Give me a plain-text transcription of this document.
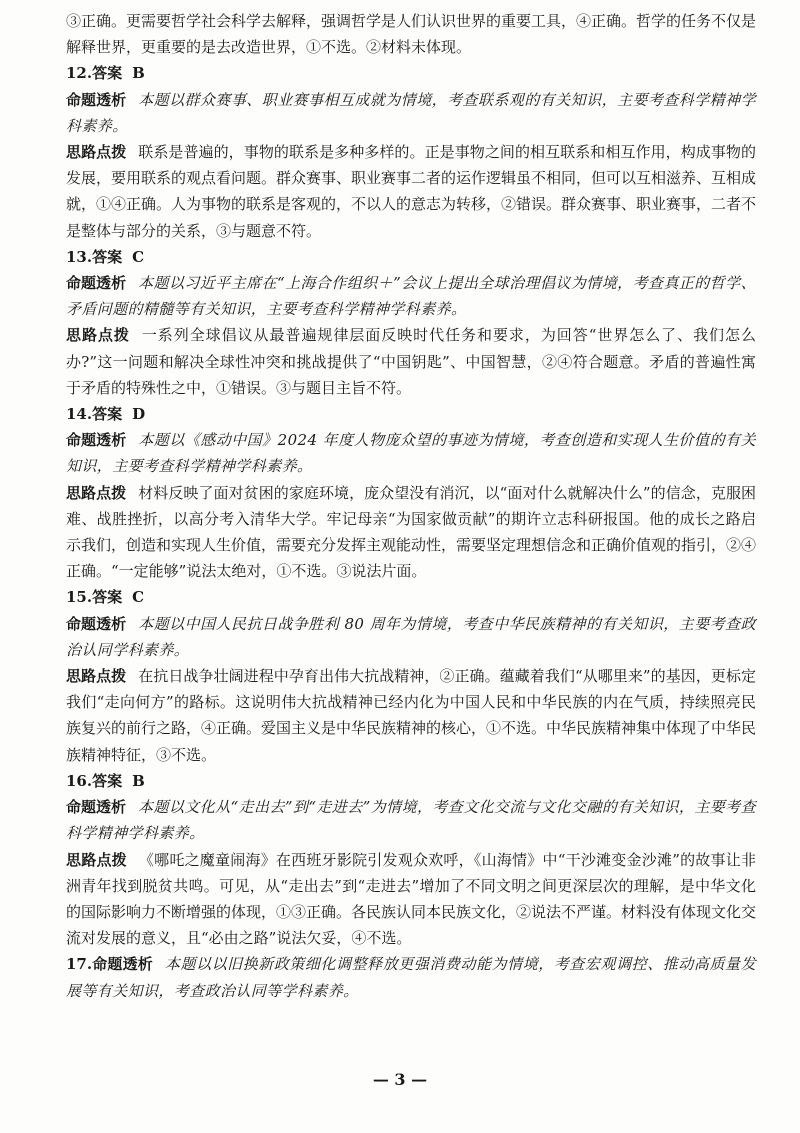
③正确。更需要哲学社会科学去解释，强调哲学是人们认识世界的重要工具，④正确。哲学的任务不仅是解释世界，更重要的是去改造世界，①不选。②材料未体现。

12.答案 B

命题透析 本题以群众赛事、职业赛事相互成就为情境，考查联系观的有关知识，主要考查科学精神学科素养。

思路点拨 联系是普遍的，事物的联系是多种多样的。正是事物之间的相互联系和相互作用，构成事物的发展，要用联系的观点看问题。群众赛事、职业赛事二者的运作逻辑虽不相同，但可以互相滋养、互相成就，①④正确。人为事物的联系是客观的，不以人的意志为转移，②错误。群众赛事、职业赛事，二者不是整体与部分的关系，③与题意不符。

13.答案 C

命题透析 本题以习近平主席在“上海合作组织＋”会议上提出全球治理倡议为情境，考查真正的哲学、矛盾问题的精髓等有关知识，主要考查科学精神学科素养。

思路点拨 一系列全球倡议从最普遍规律层面反映时代任务和要求，为回答“世界怎么了、我们怎么办?”这一问题和解决全球性冲突和挑战提供了“中国钥匙”、中国智慧，②④符合题意。矛盾的普遍性寓于矛盾的特殊性之中，①错误。③与题目主旨不符。

14.答案 D

命题透析 本题以《感动中国》2024 年度人物庞众望的事迹为情境，考查创造和实现人生价值的有关知识，主要考查科学精神学科素养。

思路点拨 材料反映了面对贫困的家庭环境，庞众望没有消沉，以“面对什么就解决什么”的信念，克服困难、战胜挫折，以高分考入清华大学。牢记母亲“为国家做贡献”的期许立志科研报国。他的成长之路启示我们，创造和实现人生价值，需要充分发挥主观能动性，需要坚定理想信念和正确价值观的指引，②④正确。“一定能够”说法太绝对，①不选。③说法片面。

15.答案 C

命题透析 本题以中国人民抗日战争胜利 80 周年为情境，考查中华民族精神的有关知识，主要考查政治认同学科素养。

思路点拨 在抗日战争壮阔进程中孕育出伟大抗战精神，②正确。蕴藏着我们“从哪里来”的基因，更标定我们“走向何方”的路标。这说明伟大抗战精神已经内化为中国人民和中华民族的内在气质，持续照亮民族复兴的前行之路，④正确。爱国主义是中华民族精神的核心，①不选。中华民族精神集中体现了中华民族精神特征，③不选。

16.答案 B

命题透析 本题以文化从“走出去”到“走进去”为情境，考查文化交流与文化交融的有关知识，主要考查科学精神学科素养。

思路点拨 《哪吒之魔童闹海》在西班牙影院引发观众欢呼，《山海情》中“干沙滩变金沙滩”的故事让非洲青年找到脱贫共鸣。可见，从“走出去”到“走进去”增加了不同文明之间更深层次的理解，是中华文化的国际影响力不断增强的体现，①③正确。各民族认同本民族文化，②说法不严谨。材料没有体现文化交流对发展的意义，且“必由之路”说法欠妥，④不选。

17.命题透析 本题以以旧换新政策细化调整释放更强消费动能为情境，考查宏观调控、推动高质量发展等有关知识，考查政治认同等学科素养。

— 3 —
